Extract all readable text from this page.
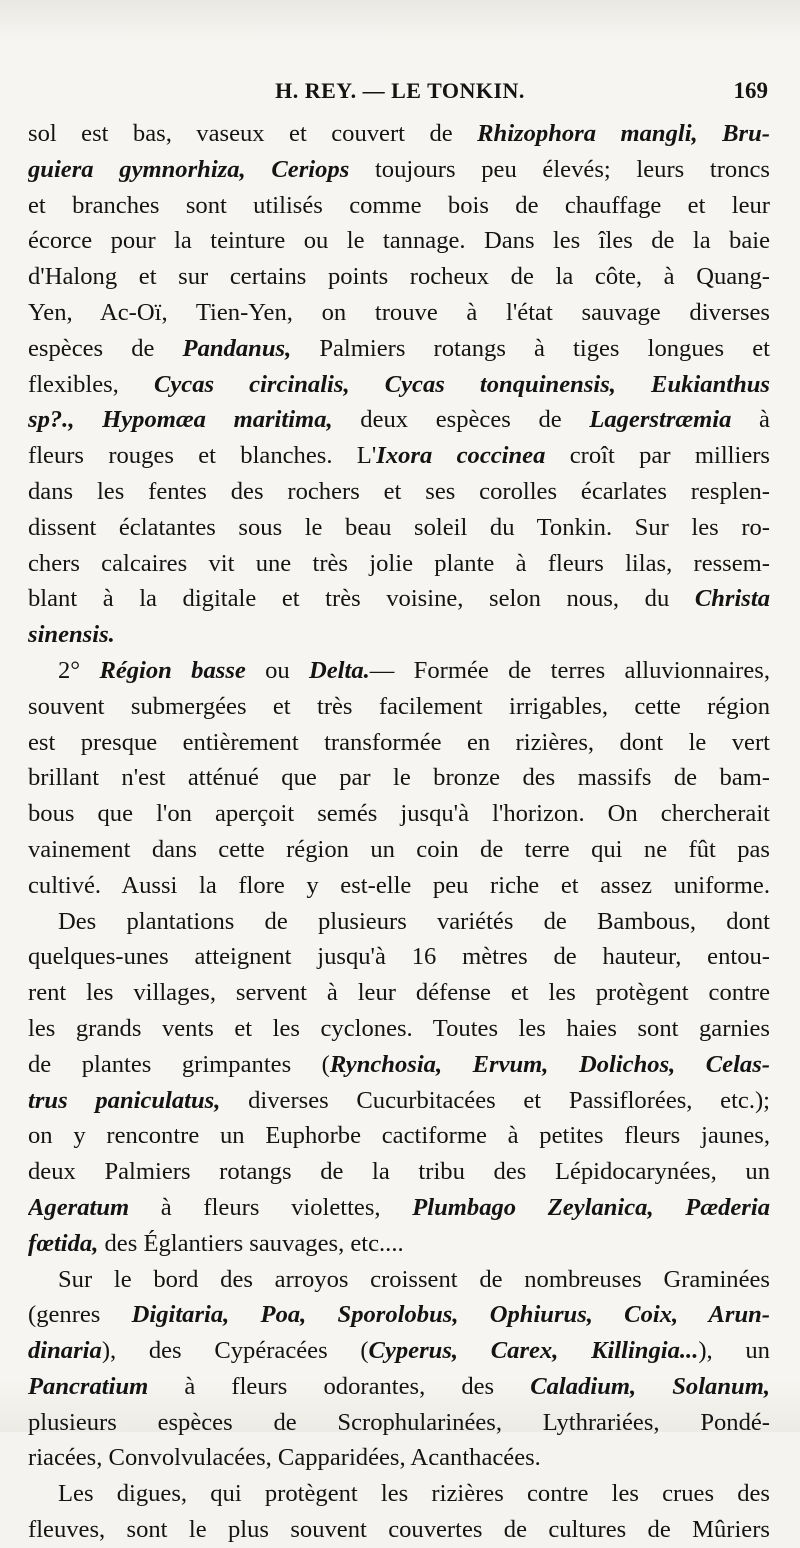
H. REY. — LE TONKIN.	169
sol est bas, vaseux et couvert de Rhizophora mangli, Bru-
guiera gymnorhiza, Ceriops toujours peu élevés; leurs troncs
et branches sont utilisés comme bois de chauffage et leur
écorce pour la teinture ou le tannage. Dans les îles de la baie
d'Halong et sur certains points rocheux de la côte, à Quang-
Yen, Ac-Oï, Tien-Yen, on trouve à l'état sauvage diverses
espèces de Pandanus, Palmiers rotangs à tiges longues et
flexibles, Cycas circinalis, Cycas tonquinensis, Eukianthus
sp?., Hypomæa maritima, deux espèces de Lagerstræmia à
fleurs rouges et blanches. L'Ixora coccinea croît par milliers
dans les fentes des rochers et ses corolles écarlates resplen-
dissent éclatantes sous le beau soleil du Tonkin. Sur les ro-
chers calcaires vit une très jolie plante à fleurs lilas, ressem-
blant à la digitale et très voisine, selon nous, du Christa
sinensis.
2° Région basse ou Delta.— Formée de terres alluvionnaires,
souvent submergées et très facilement irrigables, cette région
est presque entièrement transformée en rizières, dont le vert
brillant n'est atténué que par le bronze des massifs de bam-
bous que l'on aperçoit semés jusqu'à l'horizon. On chercherait
vainement dans cette région un coin de terre qui ne fût pas
cultivé. Aussi la flore y est-elle peu riche et assez uniforme.
Des plantations de plusieurs variétés de Bambous, dont
quelques-unes atteignent jusqu'à 16 mètres de hauteur, entou-
rent les villages, servent à leur défense et les protègent contre
les grands vents et les cyclones. Toutes les haies sont garnies
de plantes grimpantes (Rynchosia, Ervum, Dolichos, Celas-
trus paniculatus, diverses Cucurbitacées et Passiflorées, etc.);
on y rencontre un Euphorbe cactiforme à petites fleurs jaunes,
deux Palmiers rotangs de la tribu des Lépidocarynées, un
Ageratum à fleurs violettes, Plumbago Zeylanica, Pæderia
fœtida, des Églantiers sauvages, etc....
Sur le bord des arroyos croissent de nombreuses Graminées
(genres Digitaria, Poa, Sporolobus, Ophiurus, Coix, Arun-
dinaria), des Cypéracées (Cyperus, Carex, Killingia...), un
Pancratium à fleurs odorantes, des Caladium, Solanum,
plusieurs espèces de Scrophularinées, Lythrariées, Pondé-
riacées, Convolvulacées, Capparidées, Acanthacées.
Les digues, qui protègent les rizières contre les crues des
fleuves, sont le plus souvent couvertes de cultures de Mûriers
